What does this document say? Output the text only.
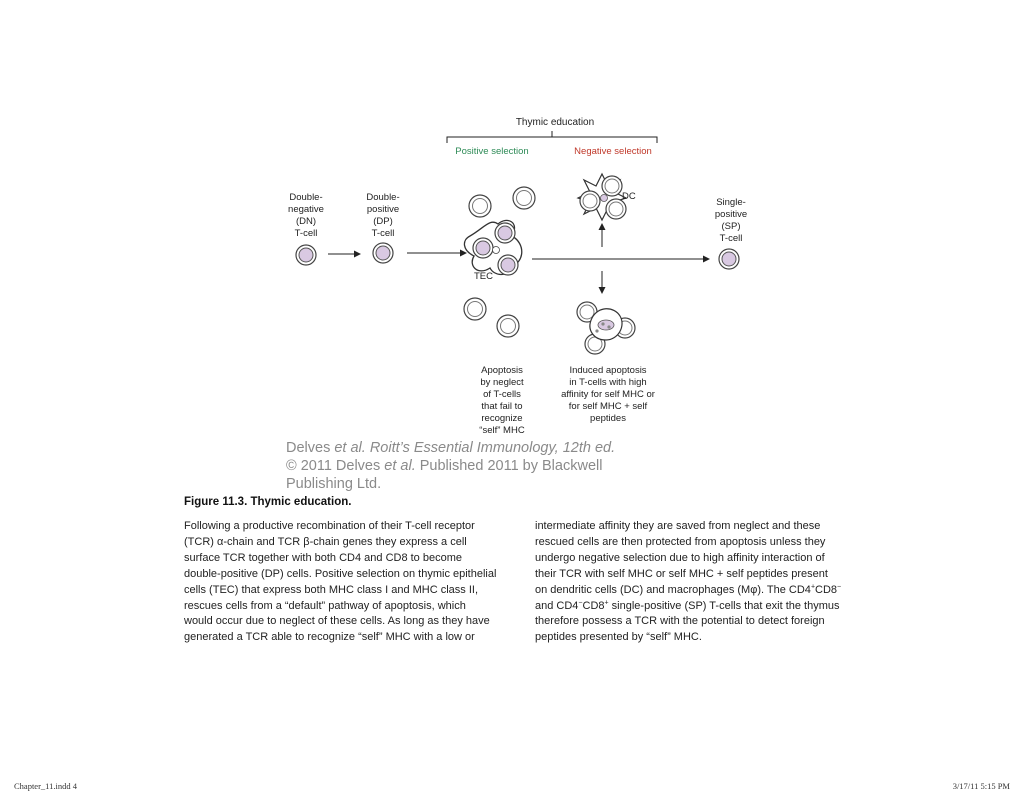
Thymic education
Positive selection	Negative selection
Double-
negative
(DN)
T-cell
Double-
positive
(DP)
T-cell
Single-
positive
(SP)
T-cell
TEC
DC
Apoptosis
by neglect
of T-cells
that fail to
recognize
“self” MHC
Induced apoptosis
in T-cells with high
affinity for self MHC or
for self MHC + self
peptides

Delves et al. Roitt’s Essential Immunology, 12th ed.
© 2011 Delves et al. Published 2011 by Blackwell
Publishing Ltd.

Figure 11.3. Thymic education.

Following a productive recombination of their T-cell receptor
(TCR) α-chain and TCR β-chain genes they express a cell
surface TCR together with both CD4 and CD8 to become
double-positive (DP) cells. Positive selection on thymic epithelial
cells (TEC) that express both MHC class I and MHC class II,
rescues cells from a “default” pathway of apoptosis, which
would occur due to neglect of these cells. As long as they have
generated a TCR able to recognize “self” MHC with a low or
intermediate affinity they are saved from neglect and these
rescued cells are then protected from apoptosis unless they
undergo negative selection due to high affinity interaction of
their TCR with self MHC or self MHC + self peptides present
on dendritic cells (DC) and macrophages (Mφ). The CD4+CD8−
and CD4−CD8+ single-positive (SP) T-cells that exit the thymus
therefore possess a TCR with the potential to detect foreign
peptides presented by “self” MHC.

Chapter_11.indd 4	3/17/11 5:15 PM
